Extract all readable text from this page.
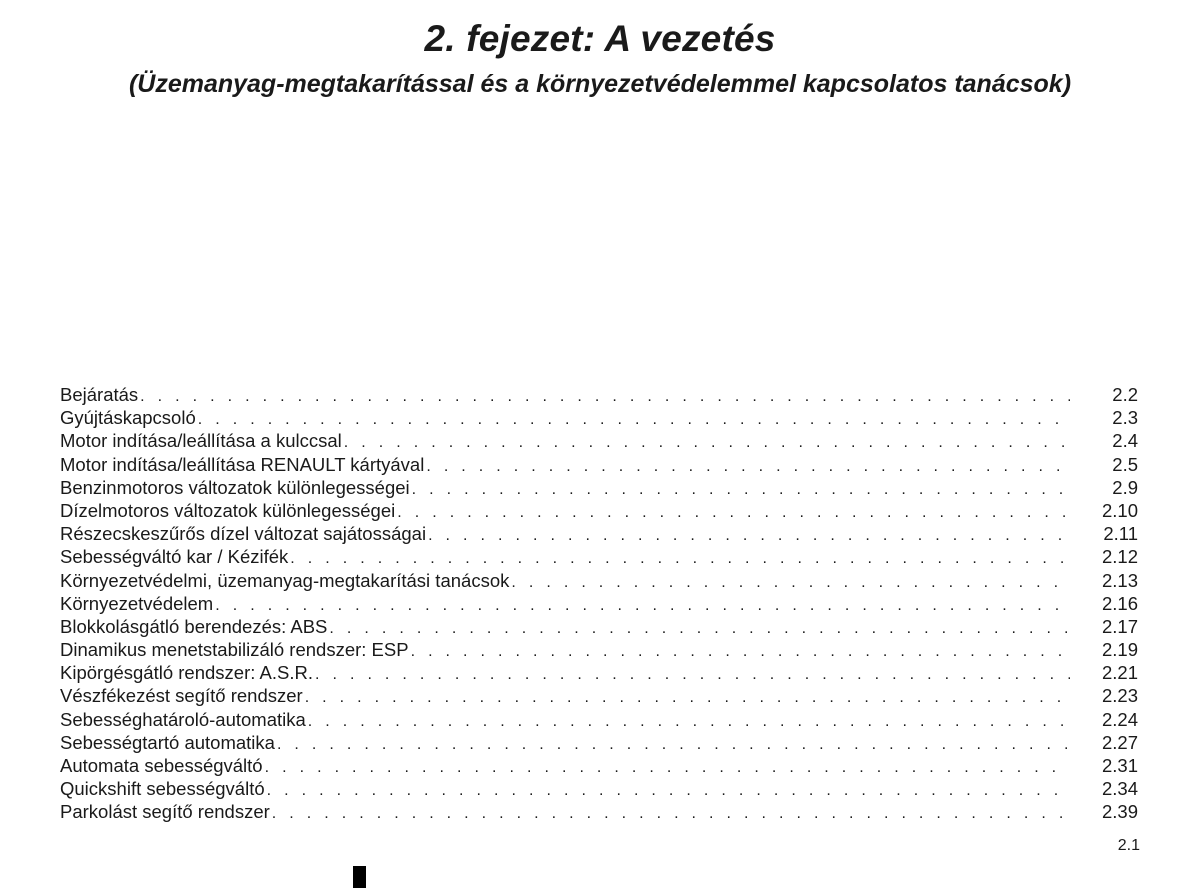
2. fejezet: A vezetés
(Üzemanyag-megtakarítással és a környezetvédelemmel kapcsolatos tanácsok)
Bejáratás . . .	2.2
Gyújtáskapcsoló . . .	2.3
Motor indítása/leállítása a kulccsal . . .	2.4
Motor indítása/leállítása RENAULT kártyával . . .	2.5
Benzinmotoros változatok különlegességei . . .	2.9
Dízelmotoros változatok különlegességei . . .	2.10
Részecskeszűrős dízel változat sajátosságai . . .	2.11
Sebességváltó kar / Kézifék . . .	2.12
Környezetvédelmi, üzemanyag-megtakarítási tanácsok . . .	2.13
Környezetvédelem . . .	2.16
Blokkolásgátló berendezés: ABS . . .	2.17
Dinamikus menetstabilizáló rendszer: ESP . . .	2.19
Kipörgésgátló rendszer: A.S.R. . . .	2.21
Vészfékezést segítő rendszer . . .	2.23
Sebességhatároló-automatika . . .	2.24
Sebességtartó automatika . . .	2.27
Automata sebességváltó . . .	2.31
Quickshift sebességváltó . . .	2.34
Parkolást segítő rendszer . . .	2.39
2.1
